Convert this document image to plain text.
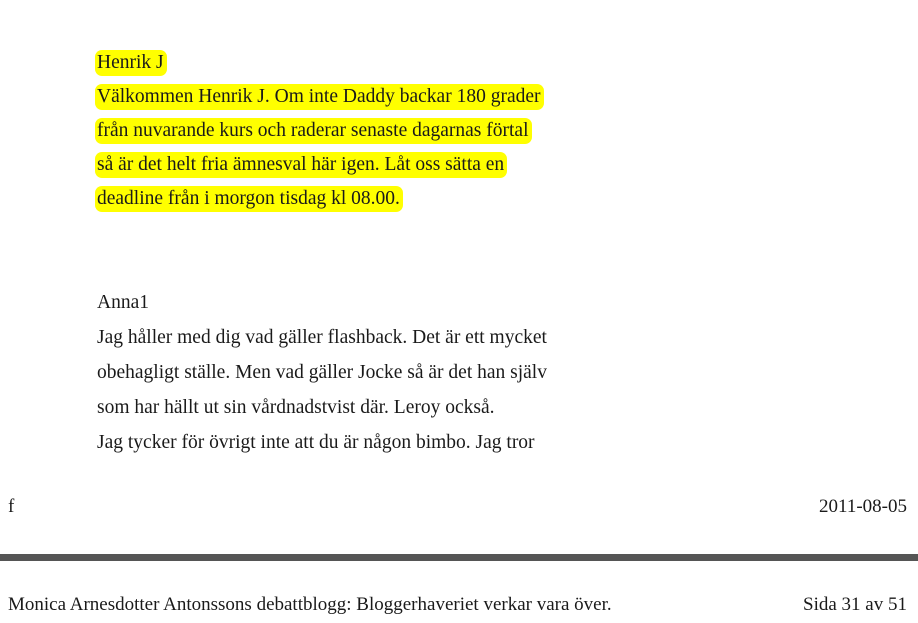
Henrik J
Välkommen Henrik J. Om inte Daddy backar 180 grader
från nuvarande kurs och raderar senaste dagarnas förtal
så är det helt fria ämnesval här igen. Låt oss sätta en
deadline från i morgon tisdag kl 08.00.
Anna1
Jag håller med dig vad gäller flashback. Det är ett mycket
obehagligt ställe. Men vad gäller Jocke så är det han själv
som har hällt ut sin vårdnadstvist där. Leroy också.
Jag tycker för övrigt inte att du är någon bimbo. Jag tror
f	2011-08-05
Monica Arnesdotter Antonssons debattblogg: Bloggerhaveriet verkar vara över.	Sida 31 av 51
